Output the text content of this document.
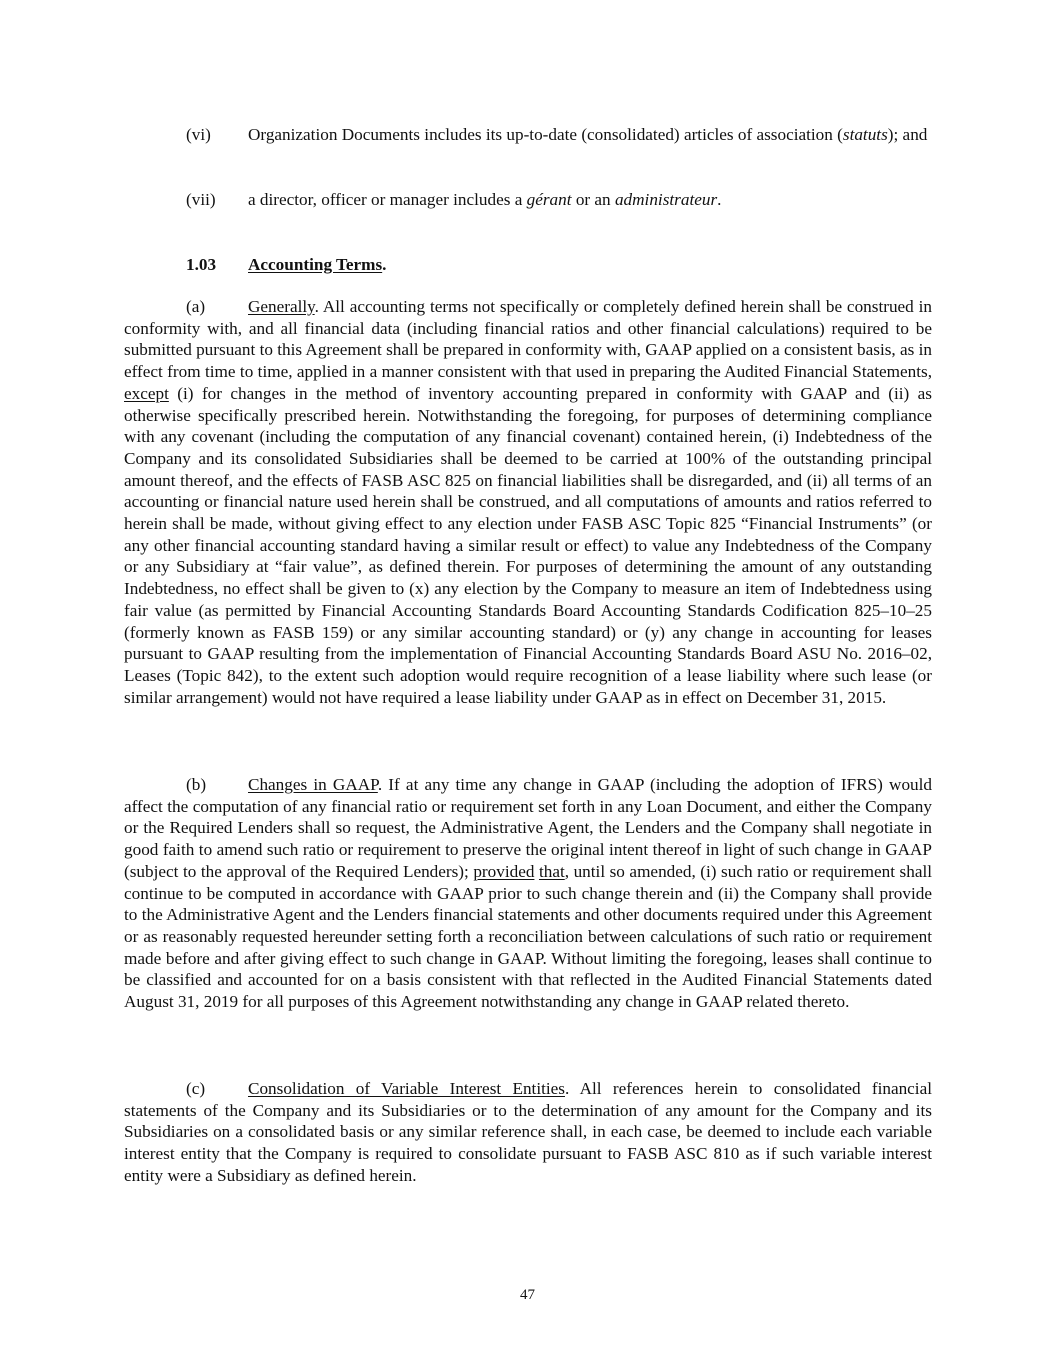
(vi) Organization Documents includes its up-to-date (consolidated) articles of association (statuts); and

(vii) a director, officer or manager includes a gérant or an administrateur.

1.03 Accounting Terms.

(a) Generally. All accounting terms not specifically or completely defined herein shall be construed in conformity with, and all financial data (including financial ratios and other financial calculations) required to be submitted pursuant to this Agreement shall be prepared in conformity with, GAAP applied on a consistent basis, as in effect from time to time, applied in a manner consistent with that used in preparing the Audited Financial Statements, except (i) for changes in the method of inventory accounting prepared in conformity with GAAP and (ii) as otherwise specifically prescribed herein. Notwithstanding the foregoing, for purposes of determining compliance with any covenant (including the computation of any financial covenant) contained herein, (i) Indebtedness of the Company and its consolidated Subsidiaries shall be deemed to be carried at 100% of the outstanding principal amount thereof, and the effects of FASB ASC 825 on financial liabilities shall be disregarded, and (ii) all terms of an accounting or financial nature used herein shall be construed, and all computations of amounts and ratios referred to herein shall be made, without giving effect to any election under FASB ASC Topic 825 “Financial Instruments” (or any other financial accounting standard having a similar result or effect) to value any Indebtedness of the Company or any Subsidiary at “fair value”, as defined therein. For purposes of determining the amount of any outstanding Indebtedness, no effect shall be given to (x) any election by the Company to measure an item of Indebtedness using fair value (as permitted by Financial Accounting Standards Board Accounting Standards Codification 825–10–25 (formerly known as FASB 159) or any similar accounting standard) or (y) any change in accounting for leases pursuant to GAAP resulting from the implementation of Financial Accounting Standards Board ASU No. 2016–02, Leases (Topic 842), to the extent such adoption would require recognition of a lease liability where such lease (or similar arrangement) would not have required a lease liability under GAAP as in effect on December 31, 2015.

(b) Changes in GAAP. If at any time any change in GAAP (including the adoption of IFRS) would affect the computation of any financial ratio or requirement set forth in any Loan Document, and either the Company or the Required Lenders shall so request, the Administrative Agent, the Lenders and the Company shall negotiate in good faith to amend such ratio or requirement to preserve the original intent thereof in light of such change in GAAP (subject to the approval of the Required Lenders); provided that, until so amended, (i) such ratio or requirement shall continue to be computed in accordance with GAAP prior to such change therein and (ii) the Company shall provide to the Administrative Agent and the Lenders financial statements and other documents required under this Agreement or as reasonably requested hereunder setting forth a reconciliation between calculations of such ratio or requirement made before and after giving effect to such change in GAAP. Without limiting the foregoing, leases shall continue to be classified and accounted for on a basis consistent with that reflected in the Audited Financial Statements dated August 31, 2019 for all purposes of this Agreement notwithstanding any change in GAAP related thereto.

(c) Consolidation of Variable Interest Entities. All references herein to consolidated financial statements of the Company and its Subsidiaries or to the determination of any amount for the Company and its Subsidiaries on a consolidated basis or any similar reference shall, in each case, be deemed to include each variable interest entity that the Company is required to consolidate pursuant to FASB ASC 810 as if such variable interest entity were a Subsidiary as defined herein.

47
